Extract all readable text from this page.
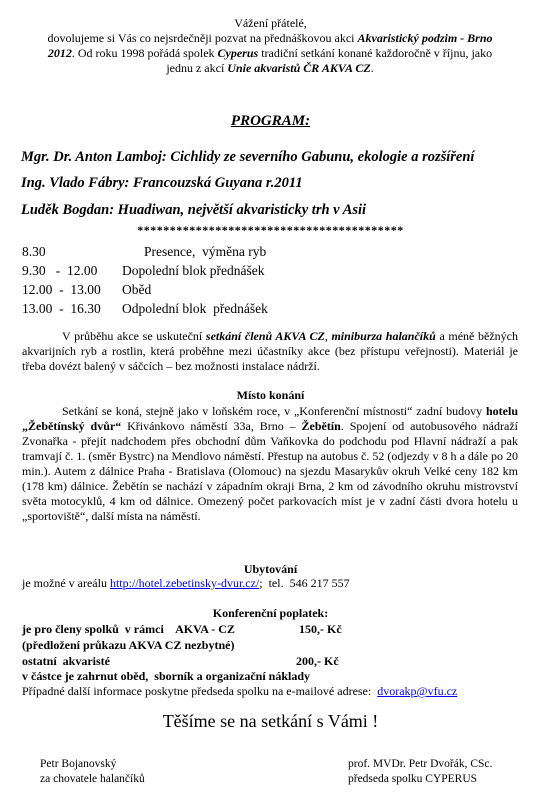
Vážení přátelé,
dovolujeme si Vás co nejsrdečněji pozvat na přednáškovou akci Akvaristický podzim - Brno 2012. Od roku 1998 pořádá spolek Cyperus tradiční setkání konané každoročně v říjnu, jako jednu z akcí Unie akvaristů ČR AKVA CZ.
PROGRAM:
Mgr. Dr. Anton Lamboj: Cichlidy ze severního Gabunu, ekologie a rozšíření
Ing. Vlado Fábry: Francouzská Guyana r.2011
Luděk Bogdan: Huadiwan, největší akvaristicky trh v Asii
*****************************************
8.30	Presence,  výměna ryb
9.30   -  12.00 Dopolední blok přednášek
12.00  -  13.00 Oběd
13.00  -  16.30 Odpolední blok  přednášek
V průběhu akce se uskuteční setkání členů AKVA CZ, miniburza halančíků a méně běžných akvarijních ryb a rostlin, která proběhne mezi účastníky akce (bez přístupu veřejnosti). Materiál je třeba dovézt balený v sáčcích – bez možnosti instalace nádrží.
Místo konání
Setkání se koná, stejně jako v loňském roce, v „Konferenční místnosti“ zadní budovy hotelu „Žebětínský dvůr“ Křivánkovo náměstí 33a, Brno – Žebětín. Spojení od autobusového nádraží Zvonařka - přejít nadchodem přes obchodní dům Vaňkovka do podchodu pod Hlavní nádraží a pak tramvají č. 1. (směr Bystrc) na Mendlovo náměstí. Přestup na autobus č. 52 (odjezdy v 8 h a dále po 20 min.). Autem z dálnice Praha - Bratislava (Olomouc) na sjezdu Masarykův okruh Velké ceny 182 km (178 km) dálnice. Žebětín se nachází v západním okraji Brna, 2 km od závodního okruhu mistrovství světa motocyklů, 4 km od dálnice. Omezený počet parkovacích míst je v zadní části dvora hotelu u „sportoviště“, další místa na náměstí.
Ubytování
je možné v areálu http://hotel.zebetinsky-dvur.cz/;  tel.  546 217 557
Konferenční poplatek:
je pro členy spolků  v rámci    AKVA - CZ	150,- Kč
(předložení průkazu AKVA CZ nezbytné)
ostatní  akvaristé	200,- Kč
v částce je zahrnut oběd,  sborník a organizační náklady
Případné další informace poskytne předseda spolku na e-mailové adrese:  dvorakp@vfu.cz
Těšíme se na setkání s Vámi !
Petr Bojanovský
za chovatele halančíků
prof. MVDr. Petr Dvořák, CSc.
předseda spolku CYPERUS
